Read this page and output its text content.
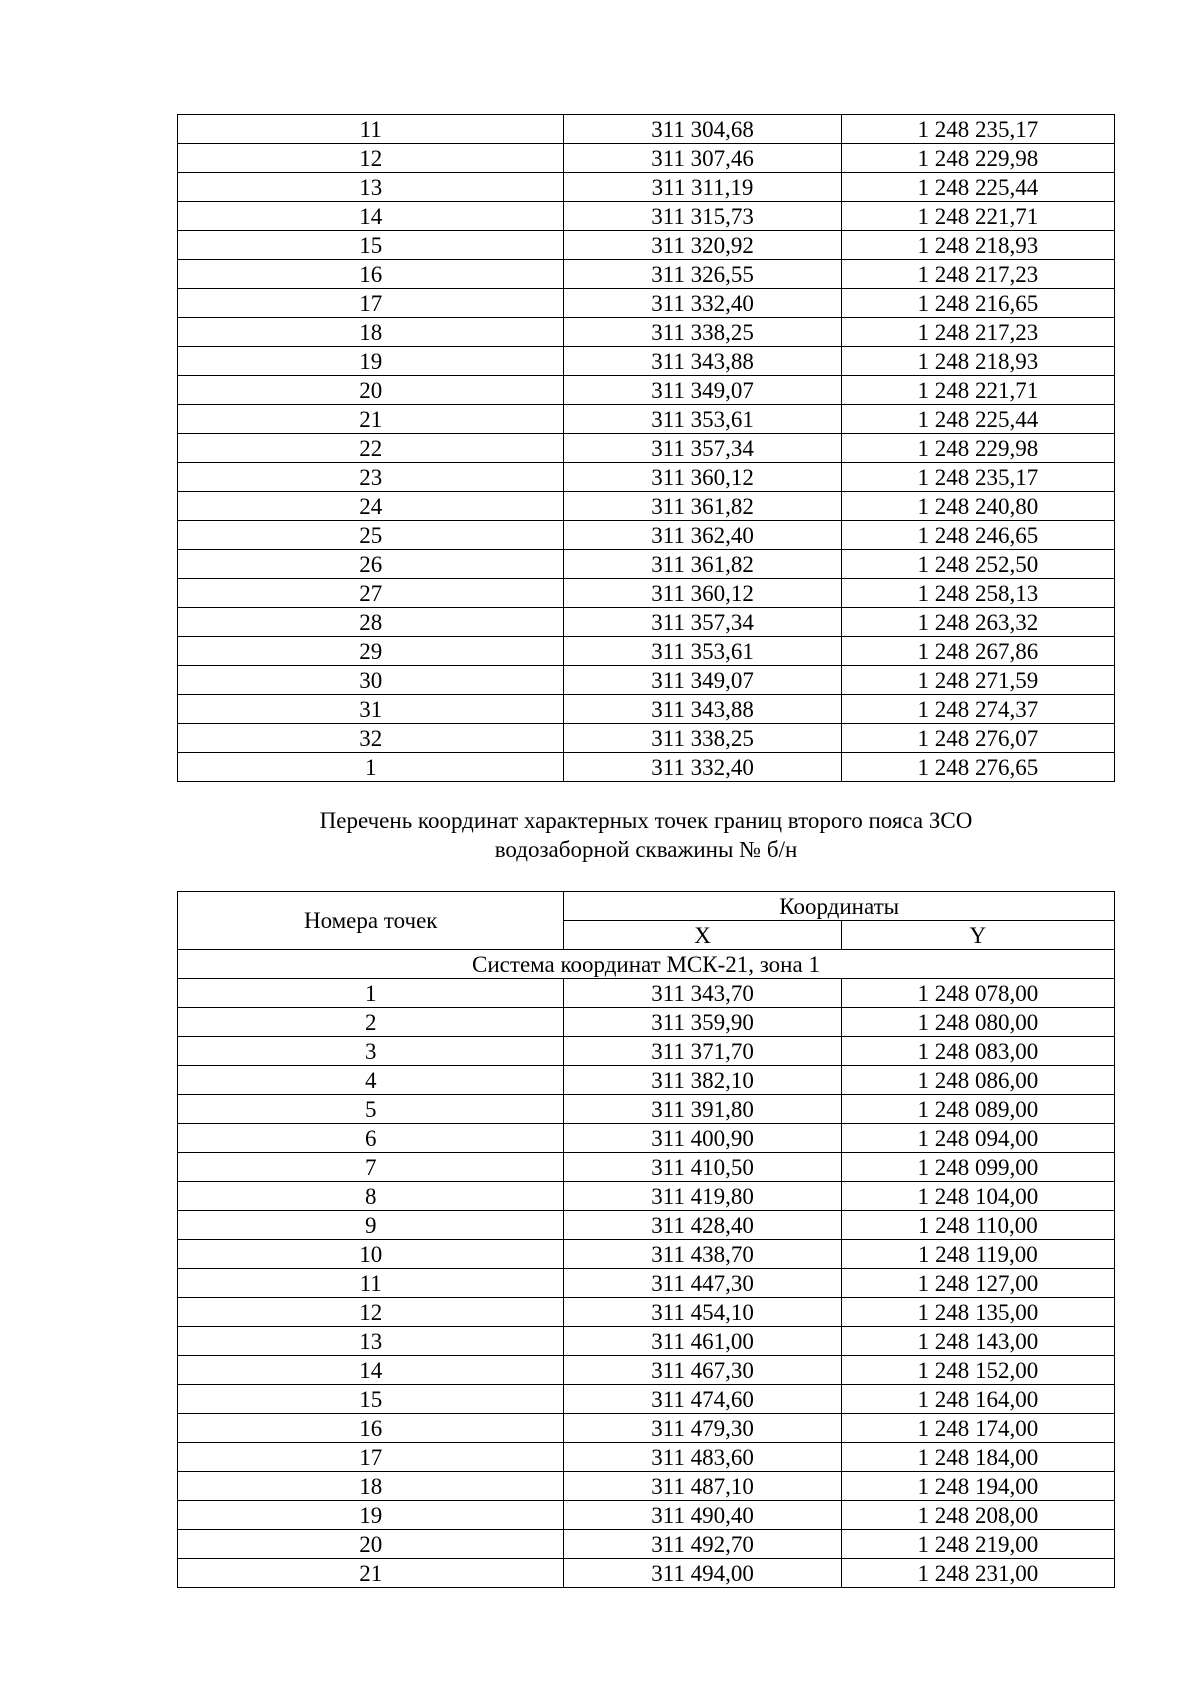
11	311 304,68	1 248 235,17
12	311 307,46	1 248 229,98
13	311 311,19	1 248 225,44
14	311 315,73	1 248 221,71
15	311 320,92	1 248 218,93
16	311 326,55	1 248 217,23
17	311 332,40	1 248 216,65
18	311 338,25	1 248 217,23
19	311 343,88	1 248 218,93
20	311 349,07	1 248 221,71
21	311 353,61	1 248 225,44
22	311 357,34	1 248 229,98
23	311 360,12	1 248 235,17
24	311 361,82	1 248 240,80
25	311 362,40	1 248 246,65
26	311 361,82	1 248 252,50
27	311 360,12	1 248 258,13
28	311 357,34	1 248 263,32
29	311 353,61	1 248 267,86
30	311 349,07	1 248 271,59
31	311 343,88	1 248 274,37
32	311 338,25	1 248 276,07
1	311 332,40	1 248 276,65
Перечень координат характерных точек границ второго пояса ЗСО
водозаборной скважины № б/н
Номера точек	Координаты	
	X	Y
Система координат МСК-21, зона 1		
1	311 343,70	1 248 078,00
2	311 359,90	1 248 080,00
3	311 371,70	1 248 083,00
4	311 382,10	1 248 086,00
5	311 391,80	1 248 089,00
6	311 400,90	1 248 094,00
7	311 410,50	1 248 099,00
8	311 419,80	1 248 104,00
9	311 428,40	1 248 110,00
10	311 438,70	1 248 119,00
11	311 447,30	1 248 127,00
12	311 454,10	1 248 135,00
13	311 461,00	1 248 143,00
14	311 467,30	1 248 152,00
15	311 474,60	1 248 164,00
16	311 479,30	1 248 174,00
17	311 483,60	1 248 184,00
18	311 487,10	1 248 194,00
19	311 490,40	1 248 208,00
20	311 492,70	1 248 219,00
21	311 494,00	1 248 231,00
